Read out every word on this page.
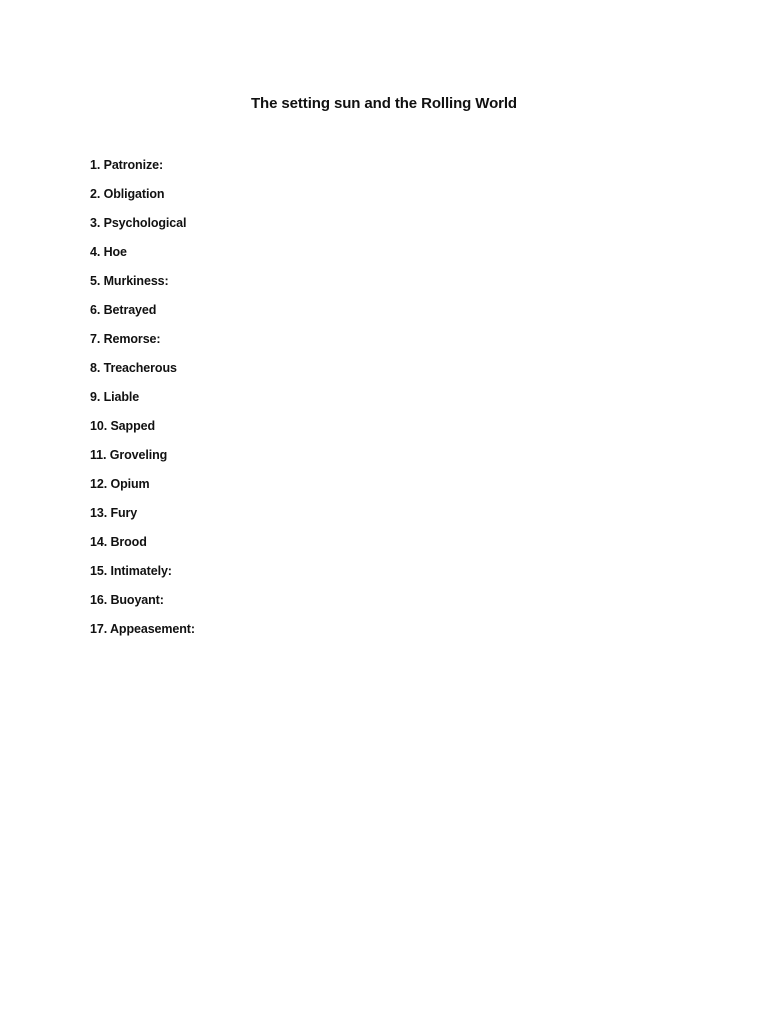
The setting sun and the Rolling World
1. Patronize:
2. Obligation
3. Psychological
4. Hoe
5. Murkiness:
6. Betrayed
7. Remorse:
8. Treacherous
9. Liable
10. Sapped
11. Groveling
12. Opium
13. Fury
14. Brood
15. Intimately:
16. Buoyant:
17. Appeasement:
